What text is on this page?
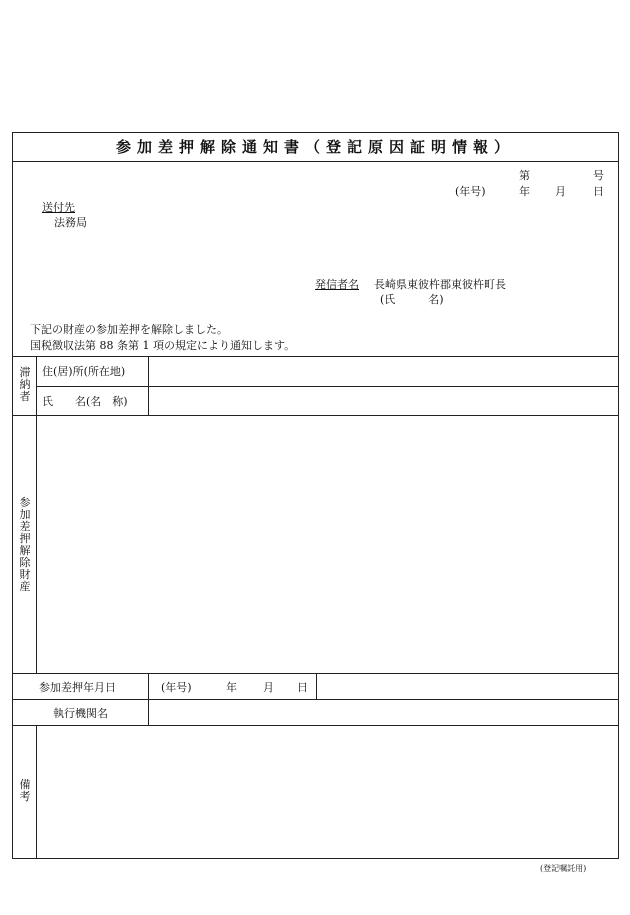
参加差押解除通知書（登記原因証明情報）
第	号
(年号)	年 月 日
送付先
法務局
発信者名 長崎県東彼杵郡東彼杵町長
(氏　　　名)
下記の財産の参加差押を解除しました。
国税徴収法第 88 条第 1 項の規定により通知します。
滞納者
住(居)所(所在地)
氏　　名(名　称)
参加差押解除財産
参加差押年月日	(年号)	年 月 日
執行機関名
備考
(登記嘱託用)
